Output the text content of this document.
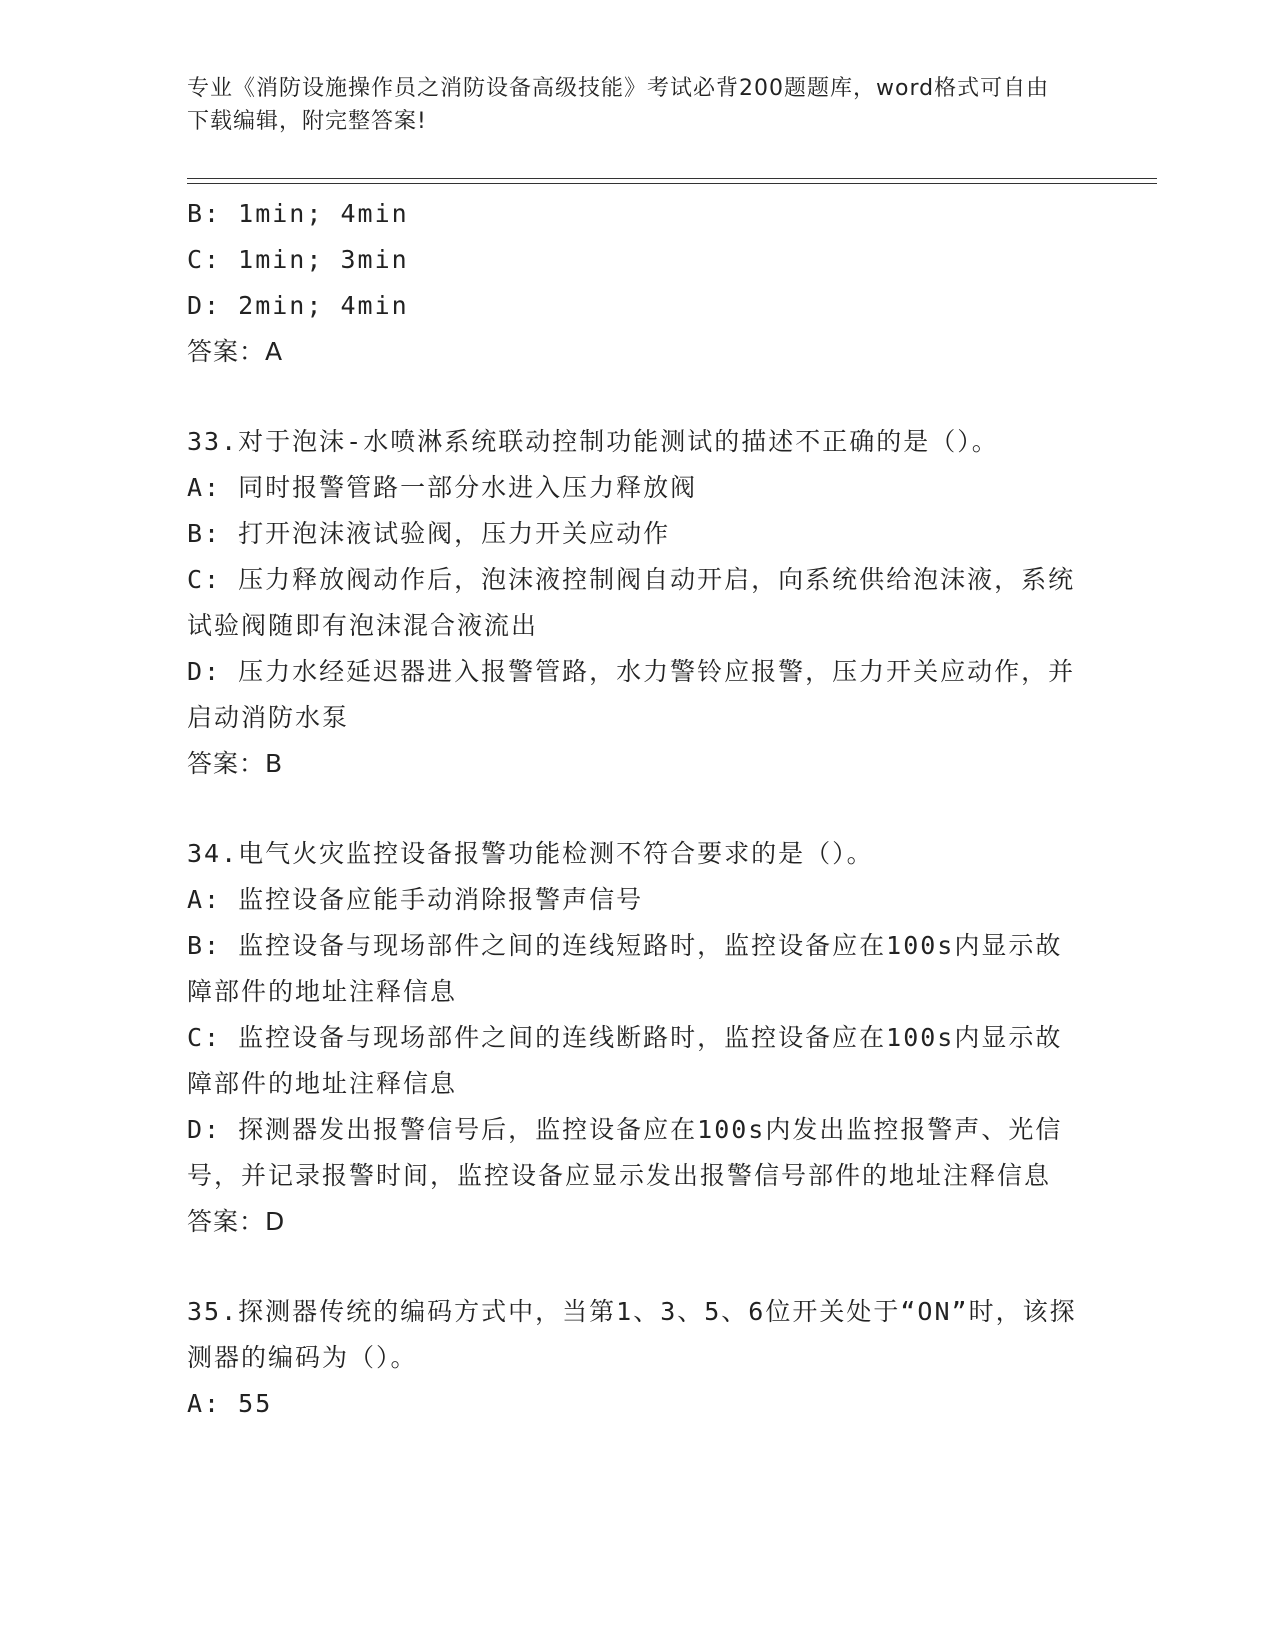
专业《消防设施操作员之消防设备高级技能》考试必背200题题库，word格式可自由下载编辑，附完整答案!
B: 1min; 4min
C: 1min; 3min
D: 2min; 4min
答案：A
33.对于泡沫-水喷淋系统联动控制功能测试的描述不正确的是（）。
A: 同时报警管路一部分水进入压力释放阀
B: 打开泡沫液试验阀，压力开关应动作
C: 压力释放阀动作后，泡沫液控制阀自动开启，向系统供给泡沫液，系统试验阀随即有泡沫混合液流出
D: 压力水经延迟器进入报警管路，水力警铃应报警，压力开关应动作，并启动消防水泵
答案：B
34.电气火灾监控设备报警功能检测不符合要求的是（）。
A: 监控设备应能手动消除报警声信号
B: 监控设备与现场部件之间的连线短路时，监控设备应在100s内显示故障部件的地址注释信息
C: 监控设备与现场部件之间的连线断路时，监控设备应在100s内显示故障部件的地址注释信息
D: 探测器发出报警信号后，监控设备应在100s内发出监控报警声、光信号，并记录报警时间，监控设备应显示发出报警信号部件的地址注释信息
答案：D
35.探测器传统的编码方式中，当第1、3、5、6位开关处于“ON”时，该探测器的编码为（）。
A: 55
